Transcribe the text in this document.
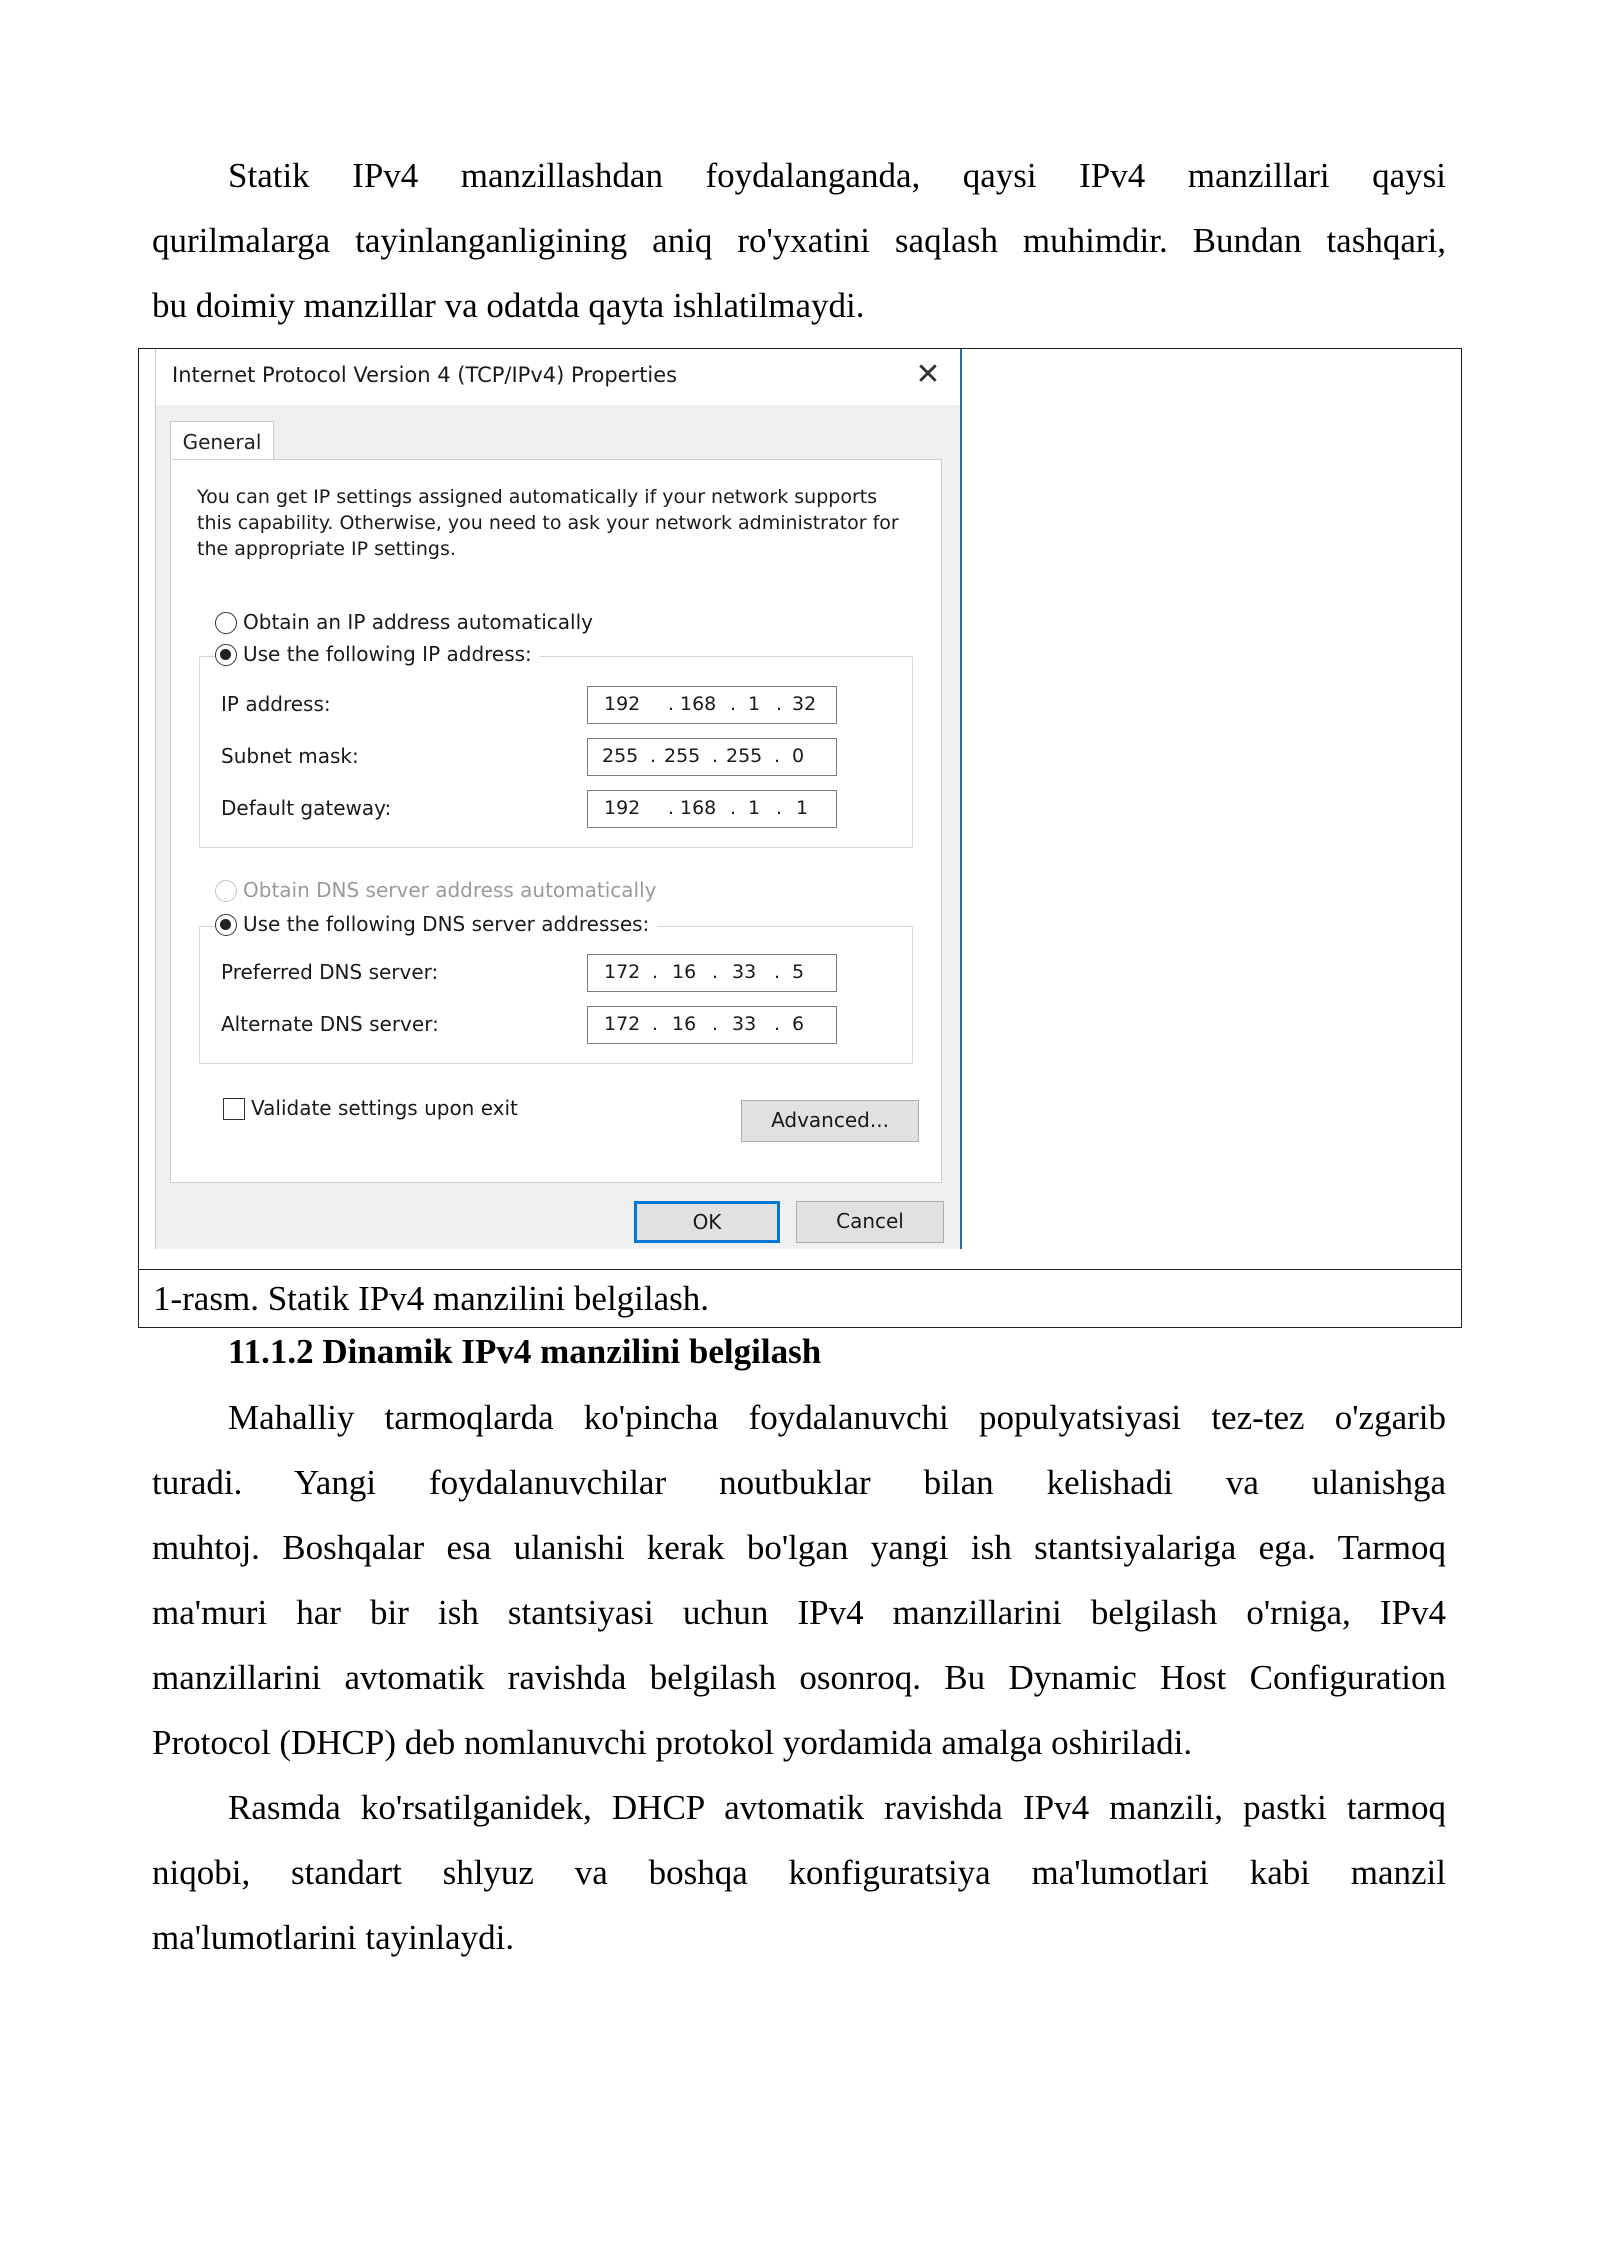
Statik IPv4 manzillashdan foydalanganda, qaysi IPv4 manzillari qaysi
qurilmalarga tayinlanganligining aniq ro'yxatini saqlash muhimdir. Bundan tashqari,
bu doimiy manzillar va odatda qayta ishlatilmaydi.
Internet Protocol Version 4 (TCP/IPv4) Properties	✕
General
You can get IP settings assigned automatically if your network supports this capability. Otherwise, you need to ask your network administrator for the appropriate IP settings.
Obtain an IP address automatically
Use the following IP address:
IP address:	192 . 168 . 1 . 32
Subnet mask:	255 . 255 . 255 . 0
Default gateway:	192 . 168 . 1 . 1
Obtain DNS server address automatically
Use the following DNS server addresses:
Preferred DNS server:	172 . 16 . 33 . 5
Alternate DNS server:	172 . 16 . 33 . 6
Validate settings upon exit	Advanced...
OK	Cancel
1-rasm. Statik IPv4 manzilini belgilash.
11.1.2 Dinamik IPv4 manzilini belgilash
Mahalliy tarmoqlarda ko'pincha foydalanuvchi populyatsiyasi tez-tez o'zgarib
turadi. Yangi foydalanuvchilar noutbuklar bilan kelishadi va ulanishga
muhtoj. Boshqalar esa ulanishi kerak bo'lgan yangi ish stantsiyalariga ega. Tarmoq
ma'muri har bir ish stantsiyasi uchun IPv4 manzillarini belgilash o'rniga, IPv4
manzillarini avtomatik ravishda belgilash osonroq. Bu Dynamic Host Configuration
Protocol (DHCP) deb nomlanuvchi protokol yordamida amalga oshiriladi.
Rasmda ko'rsatilganidek, DHCP avtomatik ravishda IPv4 manzili, pastki tarmoq
niqobi, standart shlyuz va boshqa konfiguratsiya ma'lumotlari kabi manzil
ma'lumotlarini tayinlaydi.
